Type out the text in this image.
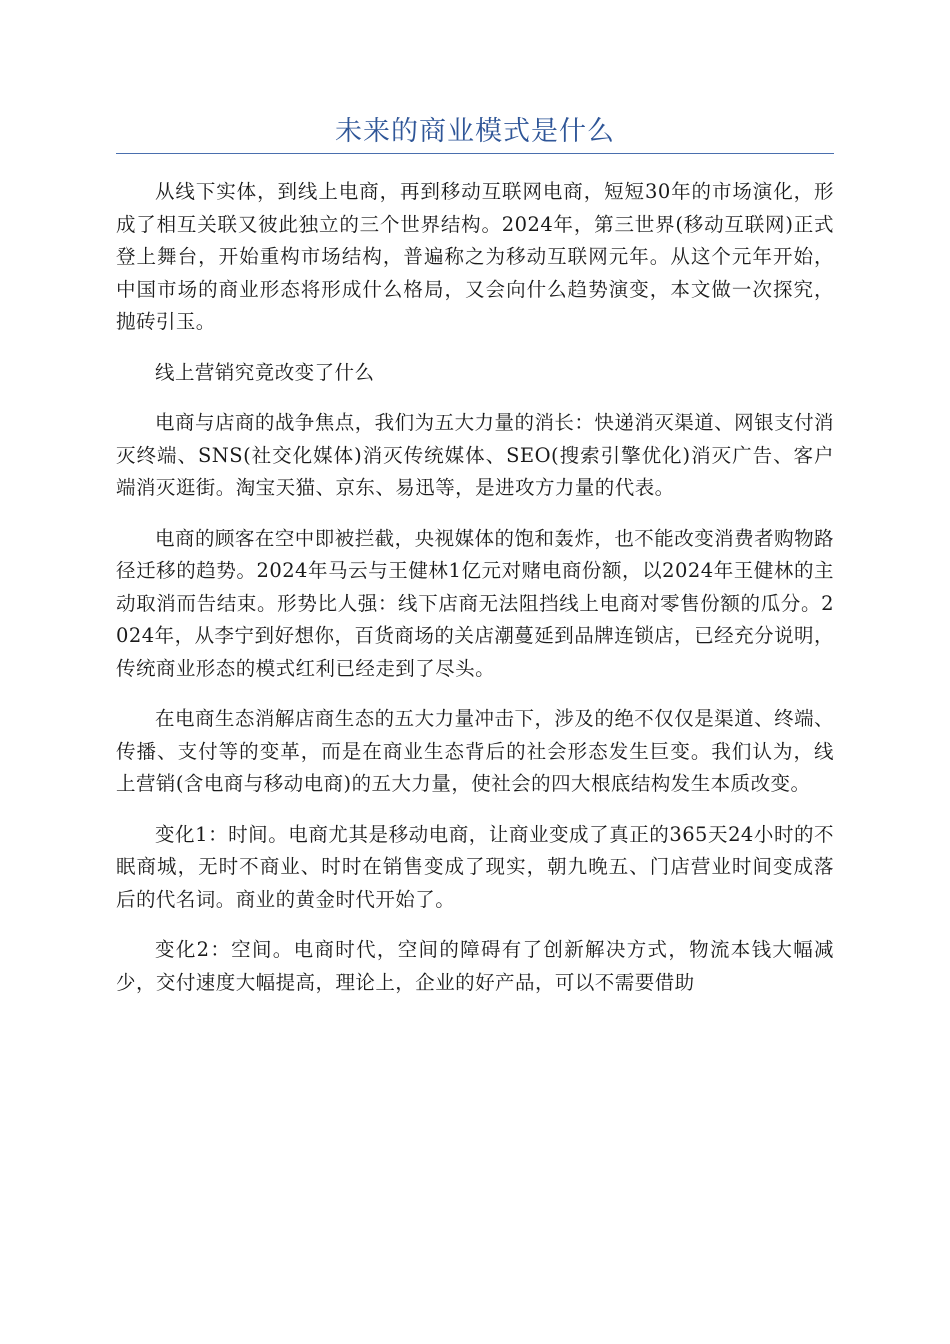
未来的商业模式是什么

从线下实体，到线上电商，再到移动互联网电商，短短30年的市场演化，形成了相互关联又彼此独立的三个世界结构。2024年，第三世界(移动互联网)正式登上舞台，开始重构市场结构，普遍称之为移动互联网元年。从这个元年开始，中国市场的商业形态将形成什么格局，又会向什么趋势演变，本文做一次探究，抛砖引玉。

线上营销究竟改变了什么

电商与店商的战争焦点，我们为五大力量的消长：快递消灭渠道、网银支付消灭终端、SNS(社交化媒体)消灭传统媒体、SEO(搜索引擎优化)消灭广告、客户端消灭逛街。淘宝天猫、京东、易迅等，是进攻方力量的代表。

电商的顾客在空中即被拦截，央视媒体的饱和轰炸，也不能改变消费者购物路径迁移的趋势。2024年马云与王健林1亿元对赌电商份额，以2024年王健林的主动取消而告结束。形势比人强：线下店商无法阻挡线上电商对零售份额的瓜分。2024年，从李宁到好想你，百货商场的关店潮蔓延到品牌连锁店，已经充分说明，传统商业形态的模式红利已经走到了尽头。

在电商生态消解店商生态的五大力量冲击下，涉及的绝不仅仅是渠道、终端、传播、支付等的变革，而是在商业生态背后的社会形态发生巨变。我们认为，线上营销(含电商与移动电商)的五大力量，使社会的四大根底结构发生本质改变。

变化1：时间。电商尤其是移动电商，让商业变成了真正的365天24小时的不眠商城，无时不商业、时时在销售变成了现实，朝九晚五、门店营业时间变成落后的代名词。商业的黄金时代开始了。

变化2：空间。电商时代，空间的障碍有了创新解决方式，物流本钱大幅减少，交付速度大幅提高，理论上，企业的好产品，可以不需要借助
